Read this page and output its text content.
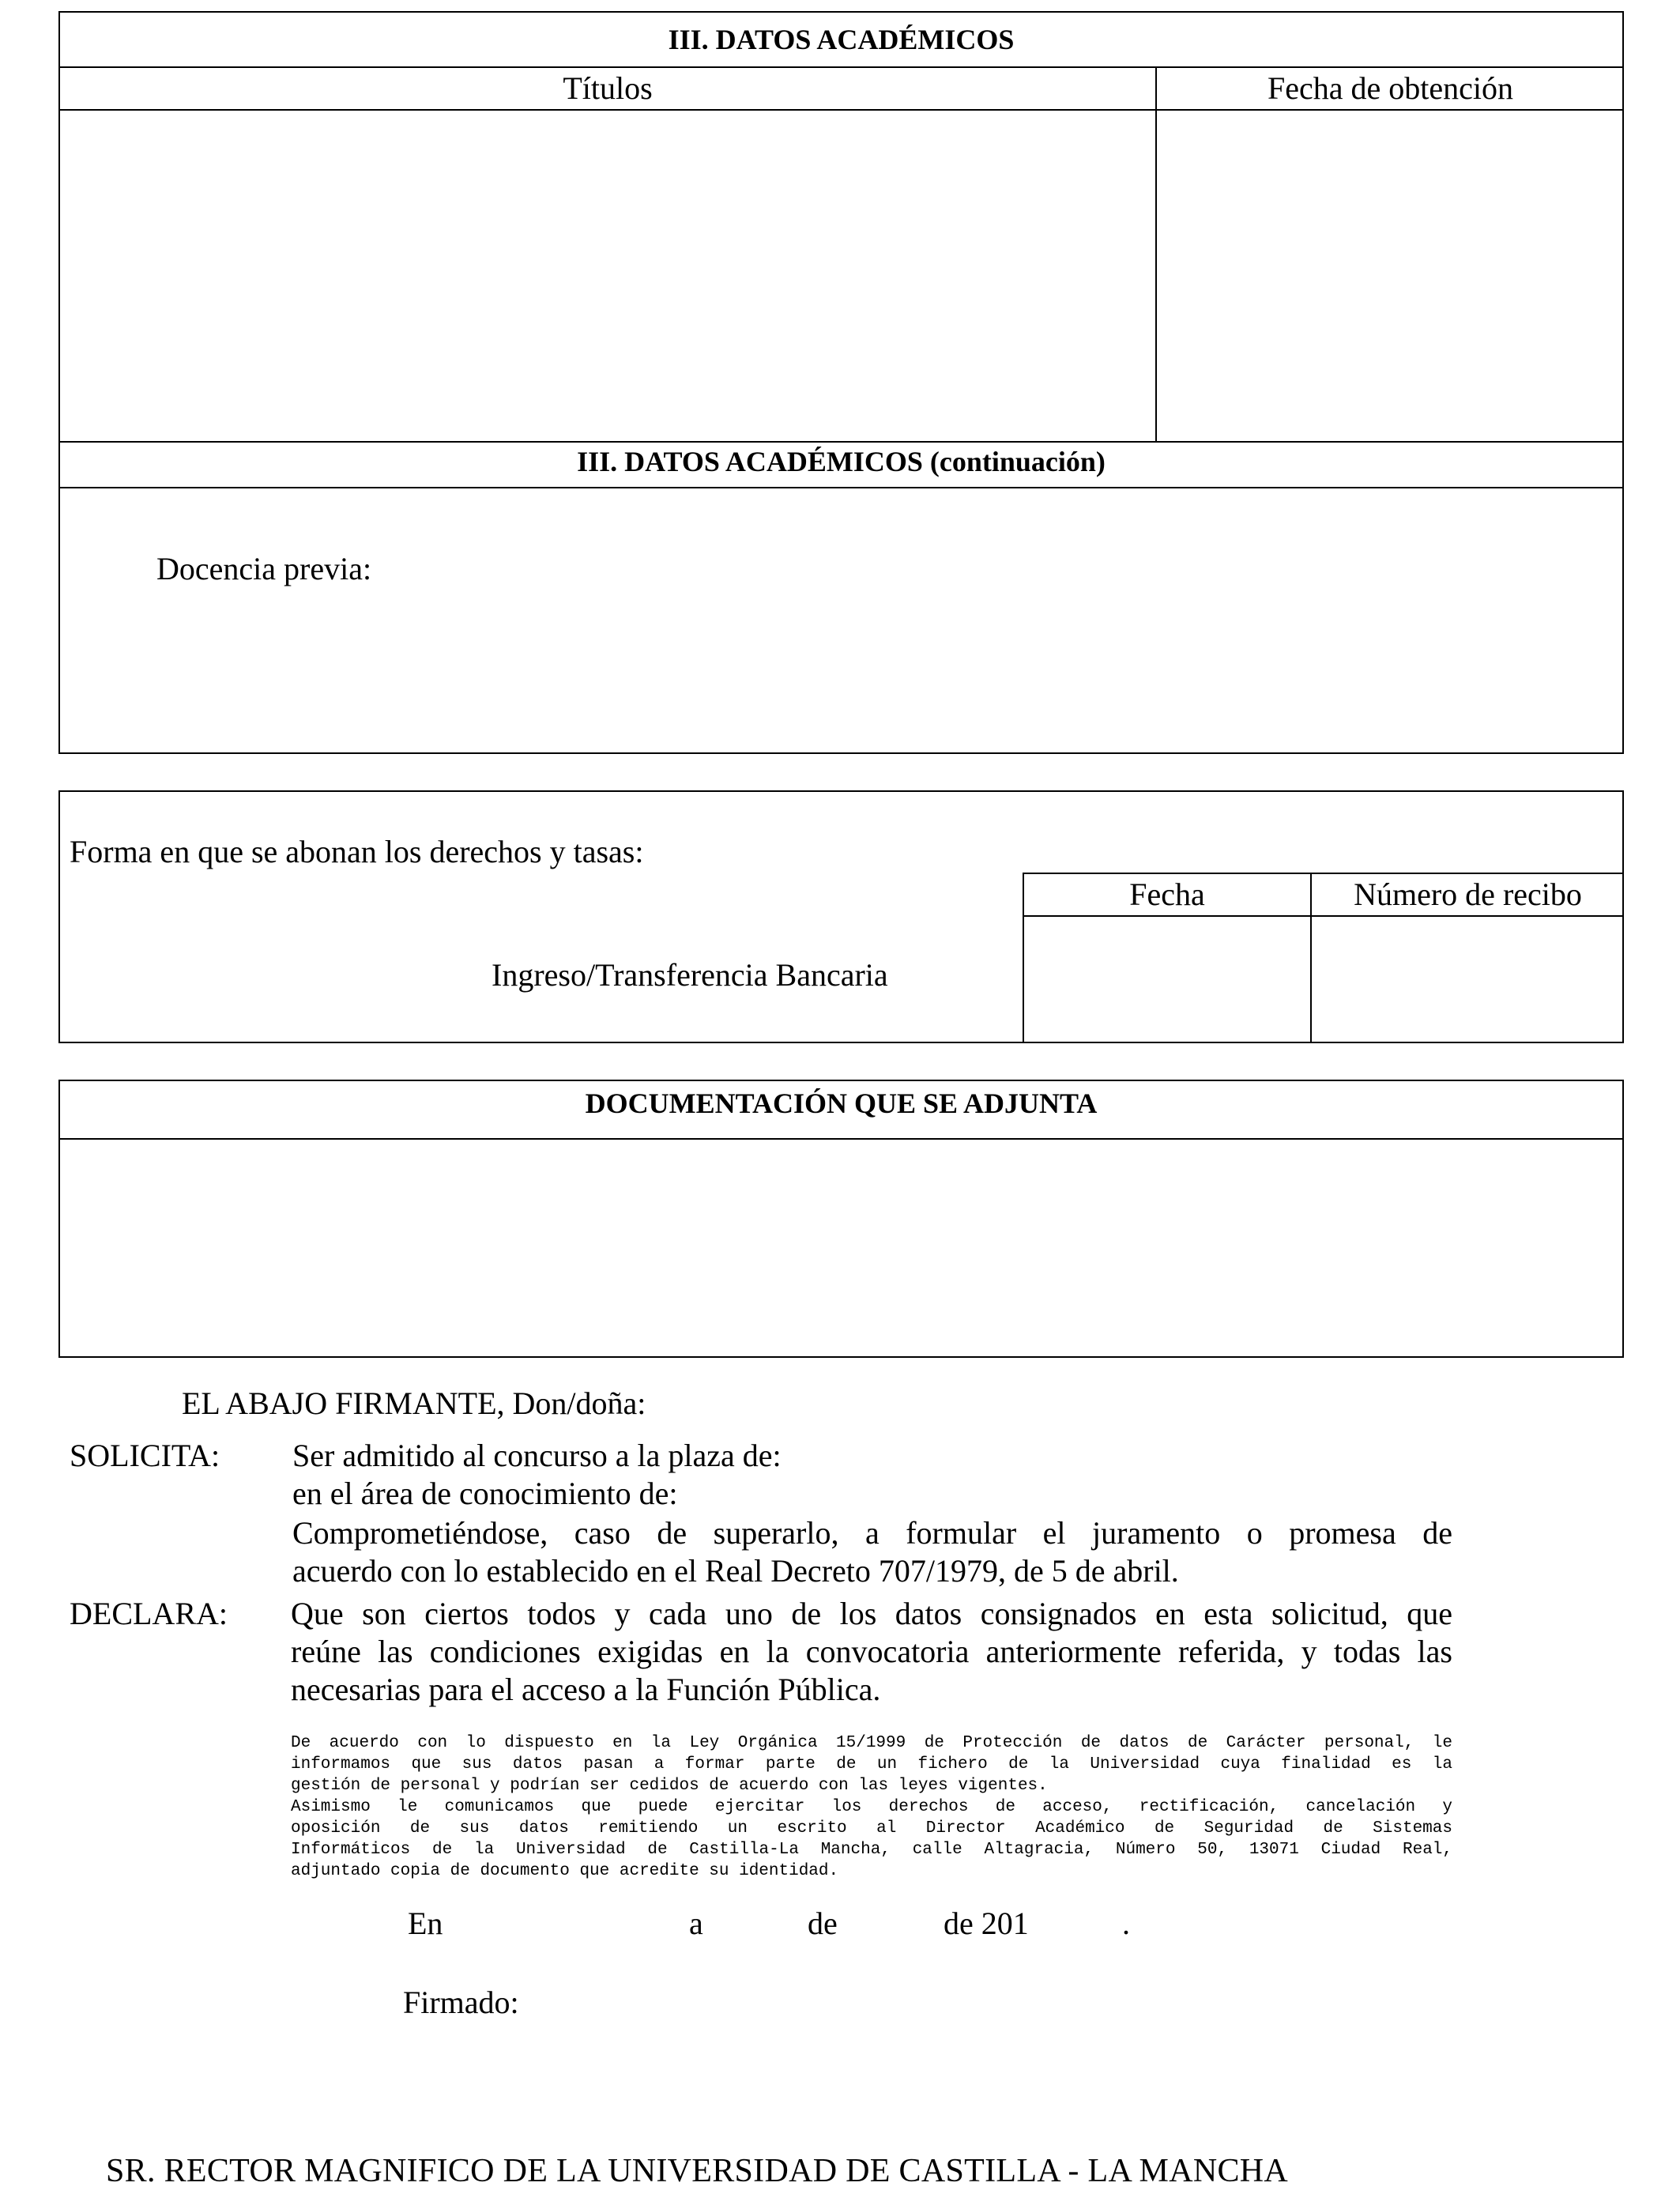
III. DATOS ACADÉMICOS
Títulos	Fecha de obtención
III. DATOS ACADÉMICOS (continuación)
Docencia previa:
Forma en que se abonan los derechos y tasas:
Ingreso/Transferencia Bancaria
Fecha	Número de recibo
DOCUMENTACIÓN QUE SE ADJUNTA
EL ABAJO FIRMANTE, Don/doña:
SOLICITA: Ser admitido al concurso a la plaza de:
en el área de conocimiento de:
Comprometiéndose, caso de superarlo, a formular el juramento o promesa de
acuerdo con lo establecido en el Real Decreto 707/1979, de 5 de abril.
DECLARA: Que son ciertos todos y cada uno de los datos consignados en esta solicitud, que
reúne las condiciones exigidas en la convocatoria anteriormente referida, y todas las
necesarias para el acceso a la Función Pública.
De acuerdo con lo dispuesto en la Ley Orgánica 15/1999 de Protección de datos de Carácter personal, le
informamos que sus datos pasan a formar parte de un fichero de la Universidad cuya finalidad es la
gestión de personal y podrían ser cedidos de acuerdo con las leyes vigentes.
Asimismo le comunicamos que puede ejercitar los derechos de acceso, rectificación, cancelación y
oposición de sus datos remitiendo un escrito al Director Académico de Seguridad de Sistemas
Informáticos de la Universidad de Castilla-La Mancha, calle Altagracia, Número 50, 13071 Ciudad Real,
adjuntado copia de documento que acredite su identidad.
En	a	de	de 201	.
Firmado:
SR. RECTOR MAGNIFICO DE LA UNIVERSIDAD DE CASTILLA - LA MANCHA
